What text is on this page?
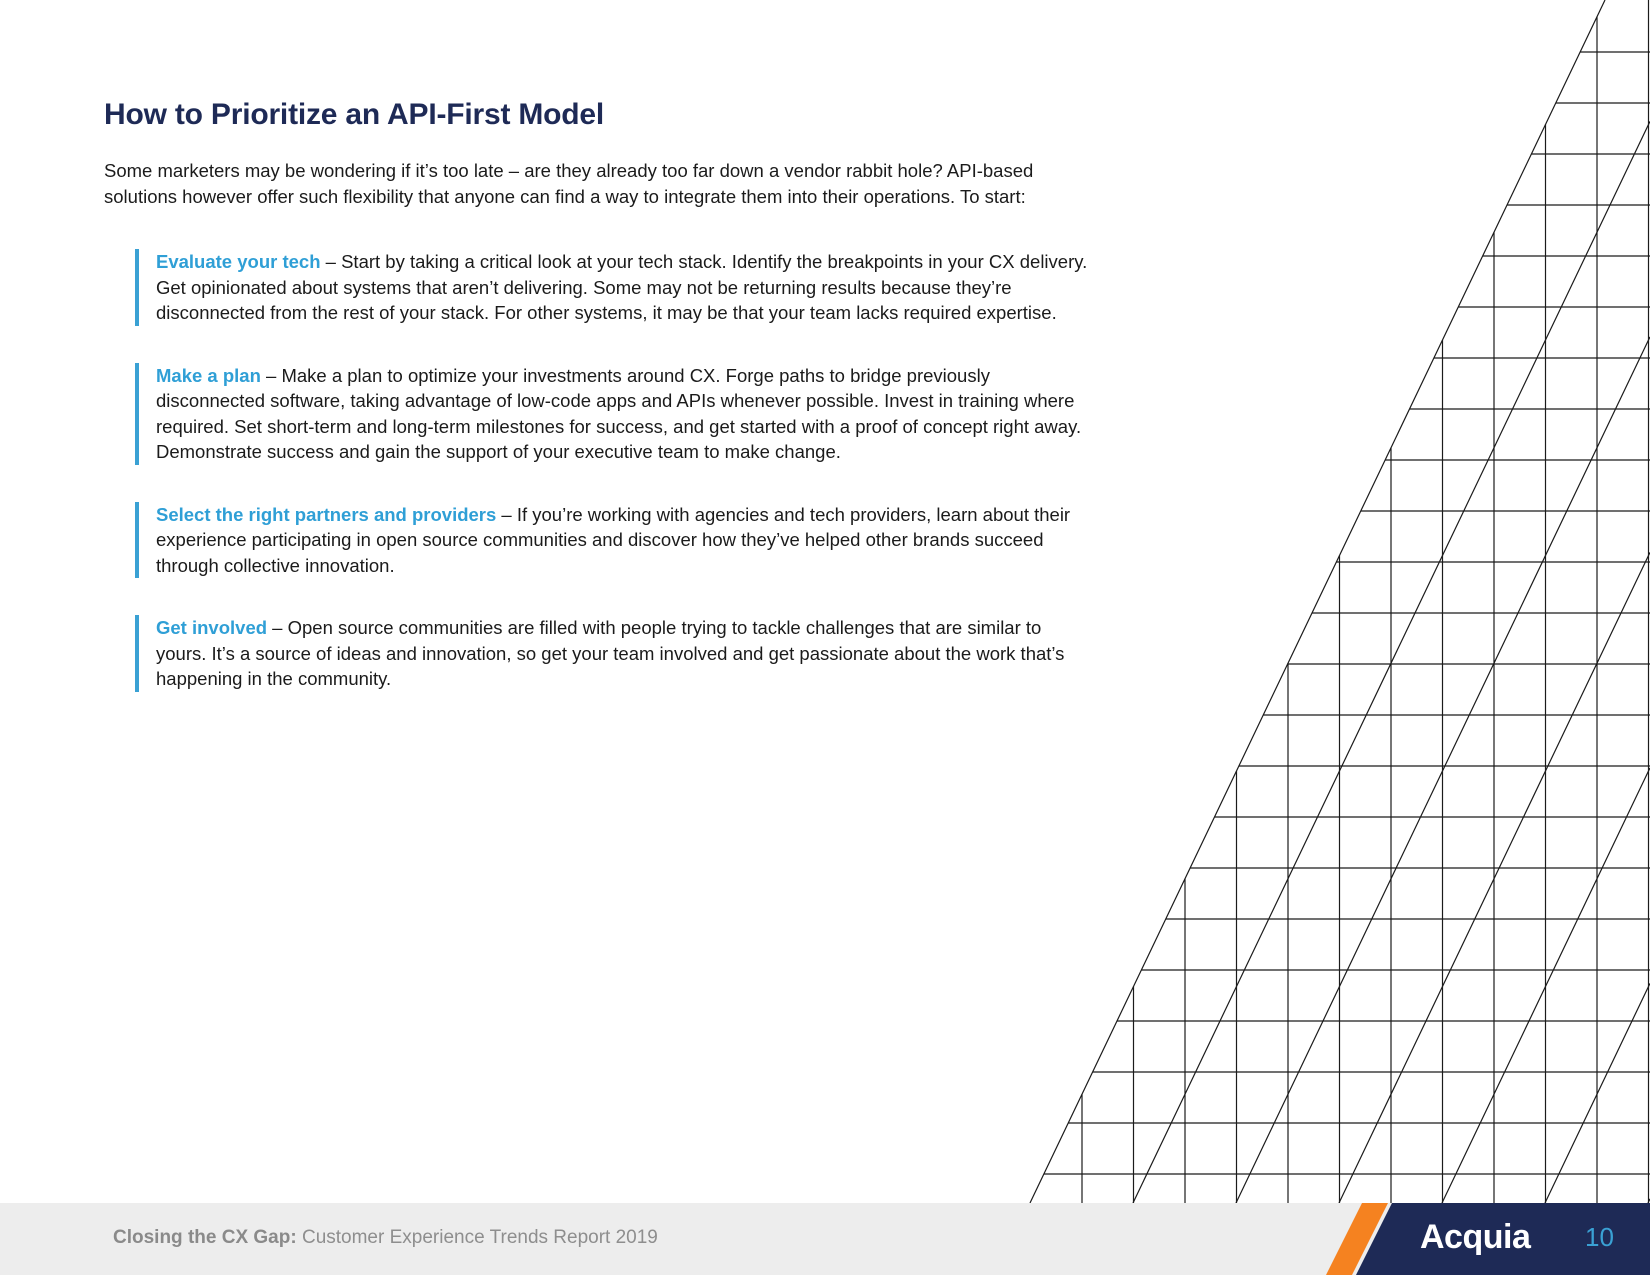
How to Prioritize an API-First Model

Some marketers may be wondering if it’s too late – are they already too far down a vendor rabbit hole? API-based solutions however offer such flexibility that anyone can find a way to integrate them into their operations. To start:

Evaluate your tech – Start by taking a critical look at your tech stack. Identify the breakpoints in your CX delivery. Get opinionated about systems that aren’t delivering. Some may not be returning results because they’re disconnected from the rest of your stack. For other systems, it may be that your team lacks required expertise.
Make a plan – Make a plan to optimize your investments around CX. Forge paths to bridge previously disconnected software, taking advantage of low-code apps and APIs whenever possible. Invest in training where required. Set short-term and long-term milestones for success, and get started with a proof of concept right away. Demonstrate success and gain the support of your executive team to make change.
Select the right partners and providers – If you’re working with agencies and tech providers, learn about their experience participating in open source communities and discover how they’ve helped other brands succeed through collective innovation.
Get involved – Open source communities are filled with people trying to tackle challenges that are similar to yours. It’s a source of ideas and innovation, so get your team involved and get passionate about the work that’s happening in the community.
Closing the CX Gap: Customer Experience Trends Report 2019	Acquia 10
